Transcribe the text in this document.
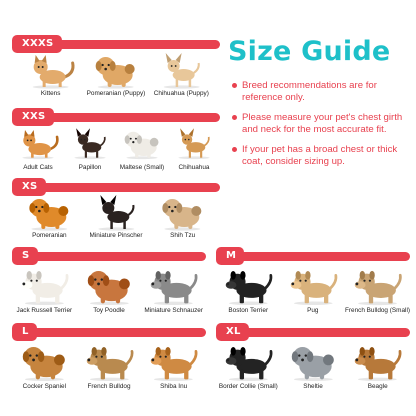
XXXS
Kittens	Pomeranian (Puppy) Chihuahua (Puppy)
XXS
Adult Cats	Papillon	Maltese (Small) Chihuahua
XS
Pomeranian	Miniature Pinscher	Shih Tzu
S
Jack Russell Terrier	Toy Poodle	Miniature Schnauzer
M
Boston Terrier	Pug	French Bulldog (Small)
L
Cocker Spaniel	French Bulldog	Shiba Inu
XL
Border Collie (Small)	Sheltie	Beagle
Size Guide
Breed recommendations are for reference only.
Please measure your pet's chest girth and neck for the most accurate fit.
If your pet has a broad chest or thick coat, consider sizing up.
